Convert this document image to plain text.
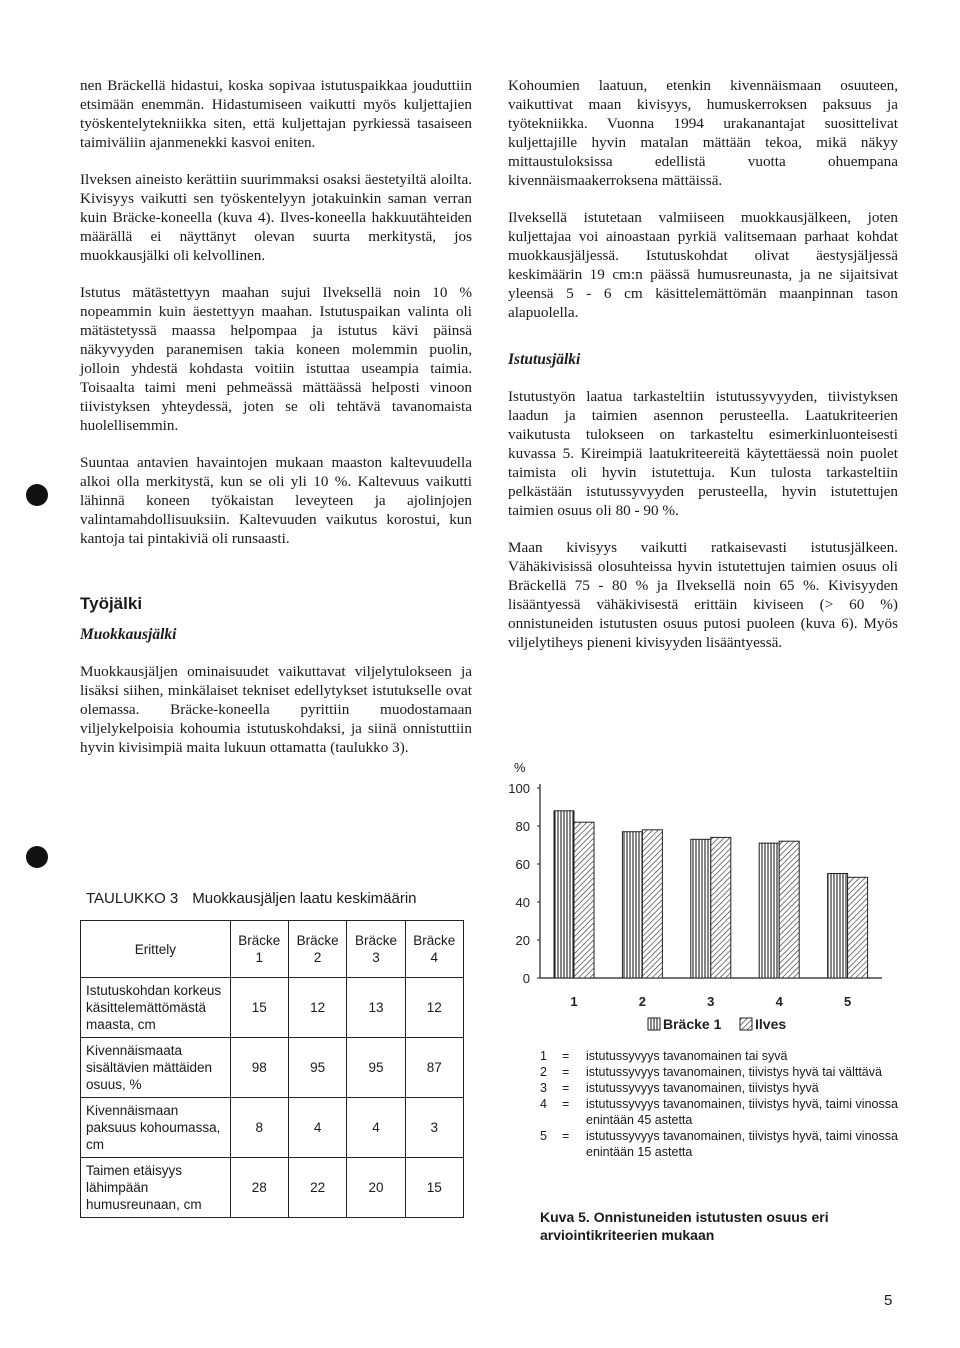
nen Bräckellä hidastui, koska sopivaa istutuspaikkaa jouduttiin etsimään enemmän. Hidastumiseen vaikutti myös kuljettajien työskentelytekniikka siten, että kuljettajan pyrkiessä tasaiseen taimiväliin ajanmenekki kasvoi eniten.

Ilveksen aineisto kerättiin suurimmaksi osaksi äestetyiltä aloilta. Kivisyys vaikutti sen työskentelyyn jotakuinkin saman verran kuin Bräcke-koneella (kuva 4). Ilves-koneella hakkuutähteiden määrällä ei näyttänyt olevan suurta merkitystä, jos muokkausjälki oli kelvollinen.

Istutus mätästettyyn maahan sujui Ilveksellä noin 10 % nopeammin kuin äestettyyn maahan. Istutuspaikan valinta oli mätästetyssä maassa helpompaa ja istutus kävi päinsä näkyvyyden paranemisen takia koneen molemmin puolin, jolloin yhdestä kohdasta voitiin istuttaa useampia taimia. Toisaalta taimi meni pehmeässä mättäässä helposti vinoon tiivistyksen yhteydessä, joten se oli tehtävä tavanomaista huolellisemmin.

Suuntaa antavien havaintojen mukaan maaston kaltevuudella alkoi olla merkitystä, kun se oli yli 10 %. Kaltevuus vaikutti lähinnä koneen työkaistan leveyteen ja ajolinjojen valintamahdollisuuksiin. Kaltevuuden vaikutus korostui, kun kantoja tai pintakiviä oli runsaasti.

Työjälki
Muokkausjälki

Muokkausjäljen ominaisuudet vaikuttavat viljelytulokseen ja lisäksi siihen, minkälaiset tekniset edellytykset istutukselle ovat olemassa. Bräcke-koneella pyrittiin muodostamaan viljelykelpoisia kohoumia istutuskohdaksi, ja siinä onnistuttiin hyvin kivisimpiä maita lukuun ottamatta (taulukko 3).

Kohoumien laatuun, etenkin kivennäismaan osuuteen, vaikuttivat maan kivisyys, humuskerroksen paksuus ja työtekniikka. Vuonna 1994 urakanantajat suosittelivat kuljettajille hyvin matalan mättään tekoa, mikä näkyy mittaustuloksissa edellistä vuotta ohuempana kivennäismaakerroksena mättäissä.

Ilveksellä istutetaan valmiiseen muokkausjälkeen, joten kuljettajaa voi ainoastaan pyrkiä valitsemaan parhaat kohdat muokkausjäljessä. Istutuskohdat olivat äestysjäljessä keskimäärin 19 cm:n päässä humusreunasta, ja ne sijaitsivat yleensä 5 - 6 cm käsittelemättömän maanpinnan tason alapuolella.

Istutusjälki

Istutustyön laatua tarkasteltiin istutussyvyyden, tiivistyksen laadun ja taimien asennon perusteella. Laatukriteerien vaikutusta tulokseen on tarkasteltu esimerkinluonteisesti kuvassa 5. Kireimpiä laatukriteereitä käytettäessä noin puolet taimista oli hyvin istutettuja. Kun tulosta tarkasteltiin pelkästään istutussyvyyden perusteella, hyvin istutettujen taimien osuus oli 80 - 90 %.

Maan kivisyys vaikutti ratkaisevasti istutusjälkeen. Vähäkivisissä olosuhteissa hyvin istutettujen taimien osuus oli Bräckellä 75 - 80 % ja Ilveksellä noin 65 %. Kivisyyden lisääntyessä vähäkivisestä erittäin kiviseen (> 60 %) onnistuneiden istutusten osuus putosi puoleen (kuva 6). Myös viljelytiheys pieneni kivisyyden lisääntyessä.

TAULUKKO 3 Muokkausjäljen laatu keskimäärin
Erittely	Bräcke 1	Bräcke 2	Bräcke 3	Bräcke 4
Istutuskohdan korkeus käsittelemättömästä maasta, cm	15	12	13	12
Kivennäismaata sisältävien mättäiden osuus, %	98	95	95	87
Kivennäismaan paksuus kohoumassa, cm	8	4	4	3
Taimen etäisyys lähimpään humusreunaan, cm	28	22	20	15
%
0
20
40
60
80
100
1	2	3	4	5
Bräcke 1 Ilves
1	=	istutussyvyys tavanomainen tai syvä
2	=	istutussyvyys tavanomainen, tiivistys hyvä tai välttävä
3	=	istutussyvyys tavanomainen, tiivistys hyvä
4	=	istutussyvyys tavanomainen, tiivistys hyvä, taimi vinossa enintään 45 astetta
5	=	istutussyvyys tavanomainen, tiivistys hyvä, taimi vinossa enintään 15 astetta
Kuva 5. Onnistuneiden istutusten osuus eri arviointikriteerien mukaan
5
